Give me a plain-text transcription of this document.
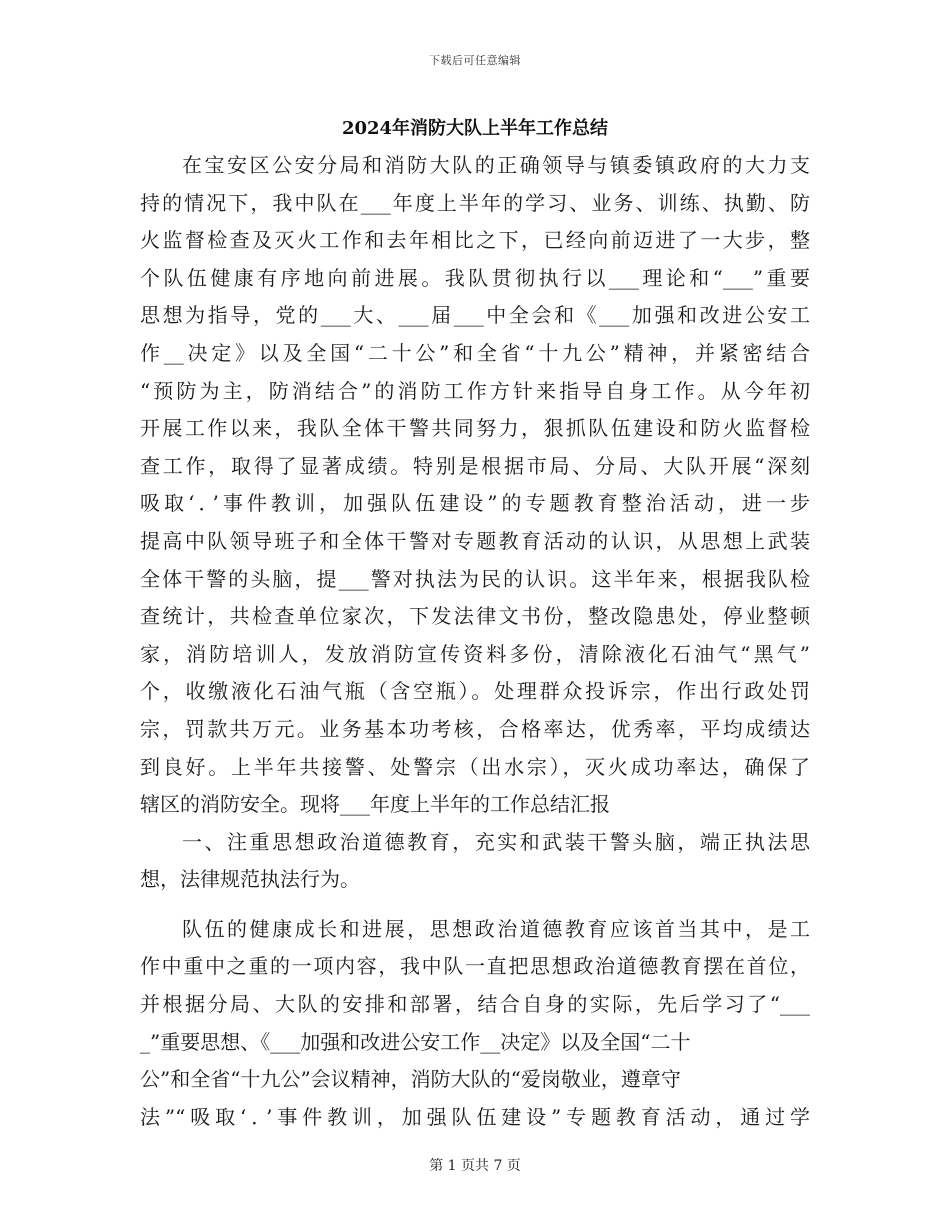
下载后可任意编辑
2024年消防大队上半年工作总结
在宝安区公安分局和消防大队的正确领导与镇委镇政府的大力支
持的情况下，我中队在___年度上半年的学习、业务、训练、执勤、防
火监督检查及灭火工作和去年相比之下，已经向前迈进了一大步，整
个队伍健康有序地向前进展。我队贯彻执行以___理论和“___”重要
思想为指导，党的___大、___届___中全会和《___加强和改进公安工
作__决定》以及全国“二十公”和全省“十九公”精神，并紧密结合
“预防为主，防消结合”的消防工作方针来指导自身工作。从今年初
开展工作以来，我队全体干警共同努力，狠抓队伍建设和防火监督检
查工作，取得了显著成绩。特别是根据市局、分局、大队开展“深刻
吸取‘．’事件教训，加强队伍建设”的专题教育整治活动，进一步
提高中队领导班子和全体干警对专题教育活动的认识，从思想上武装
全体干警的头脑，提___警对执法为民的认识。这半年来，根据我队检
查统计，共检查单位家次，下发法律文书份，整改隐患处，停业整顿
家，消防培训人，发放消防宣传资料多份，清除液化石油气“黑气”
个，收缴液化石油气瓶（含空瓶）。处理群众投诉宗，作出行政处罚
宗，罚款共万元。业务基本功考核，合格率达，优秀率，平均成绩达
到良好。上半年共接警、处警宗（出水宗），灭火成功率达，确保了
辖区的消防安全。现将___年度上半年的工作总结汇报
一、注重思想政治道德教育，充实和武装干警头脑，端正执法思
想，法律规范执法行为。
队伍的健康成长和进展，思想政治道德教育应该首当其中，是工
作中重中之重的一项内容，我中队一直把思想政治道德教育摆在首位，
并根据分局、大队的安排和部署，结合自身的实际，先后学习了“___
_”重要思想、《___加强和改进公安工作__决定》以及全国“二十
公”和全省“十九公”会议精神，消防大队的“爱岗敬业，遵章守
法”“吸取‘．’事件教训，加强队伍建设”专题教育活动，通过学
第 1 页共 7 页
